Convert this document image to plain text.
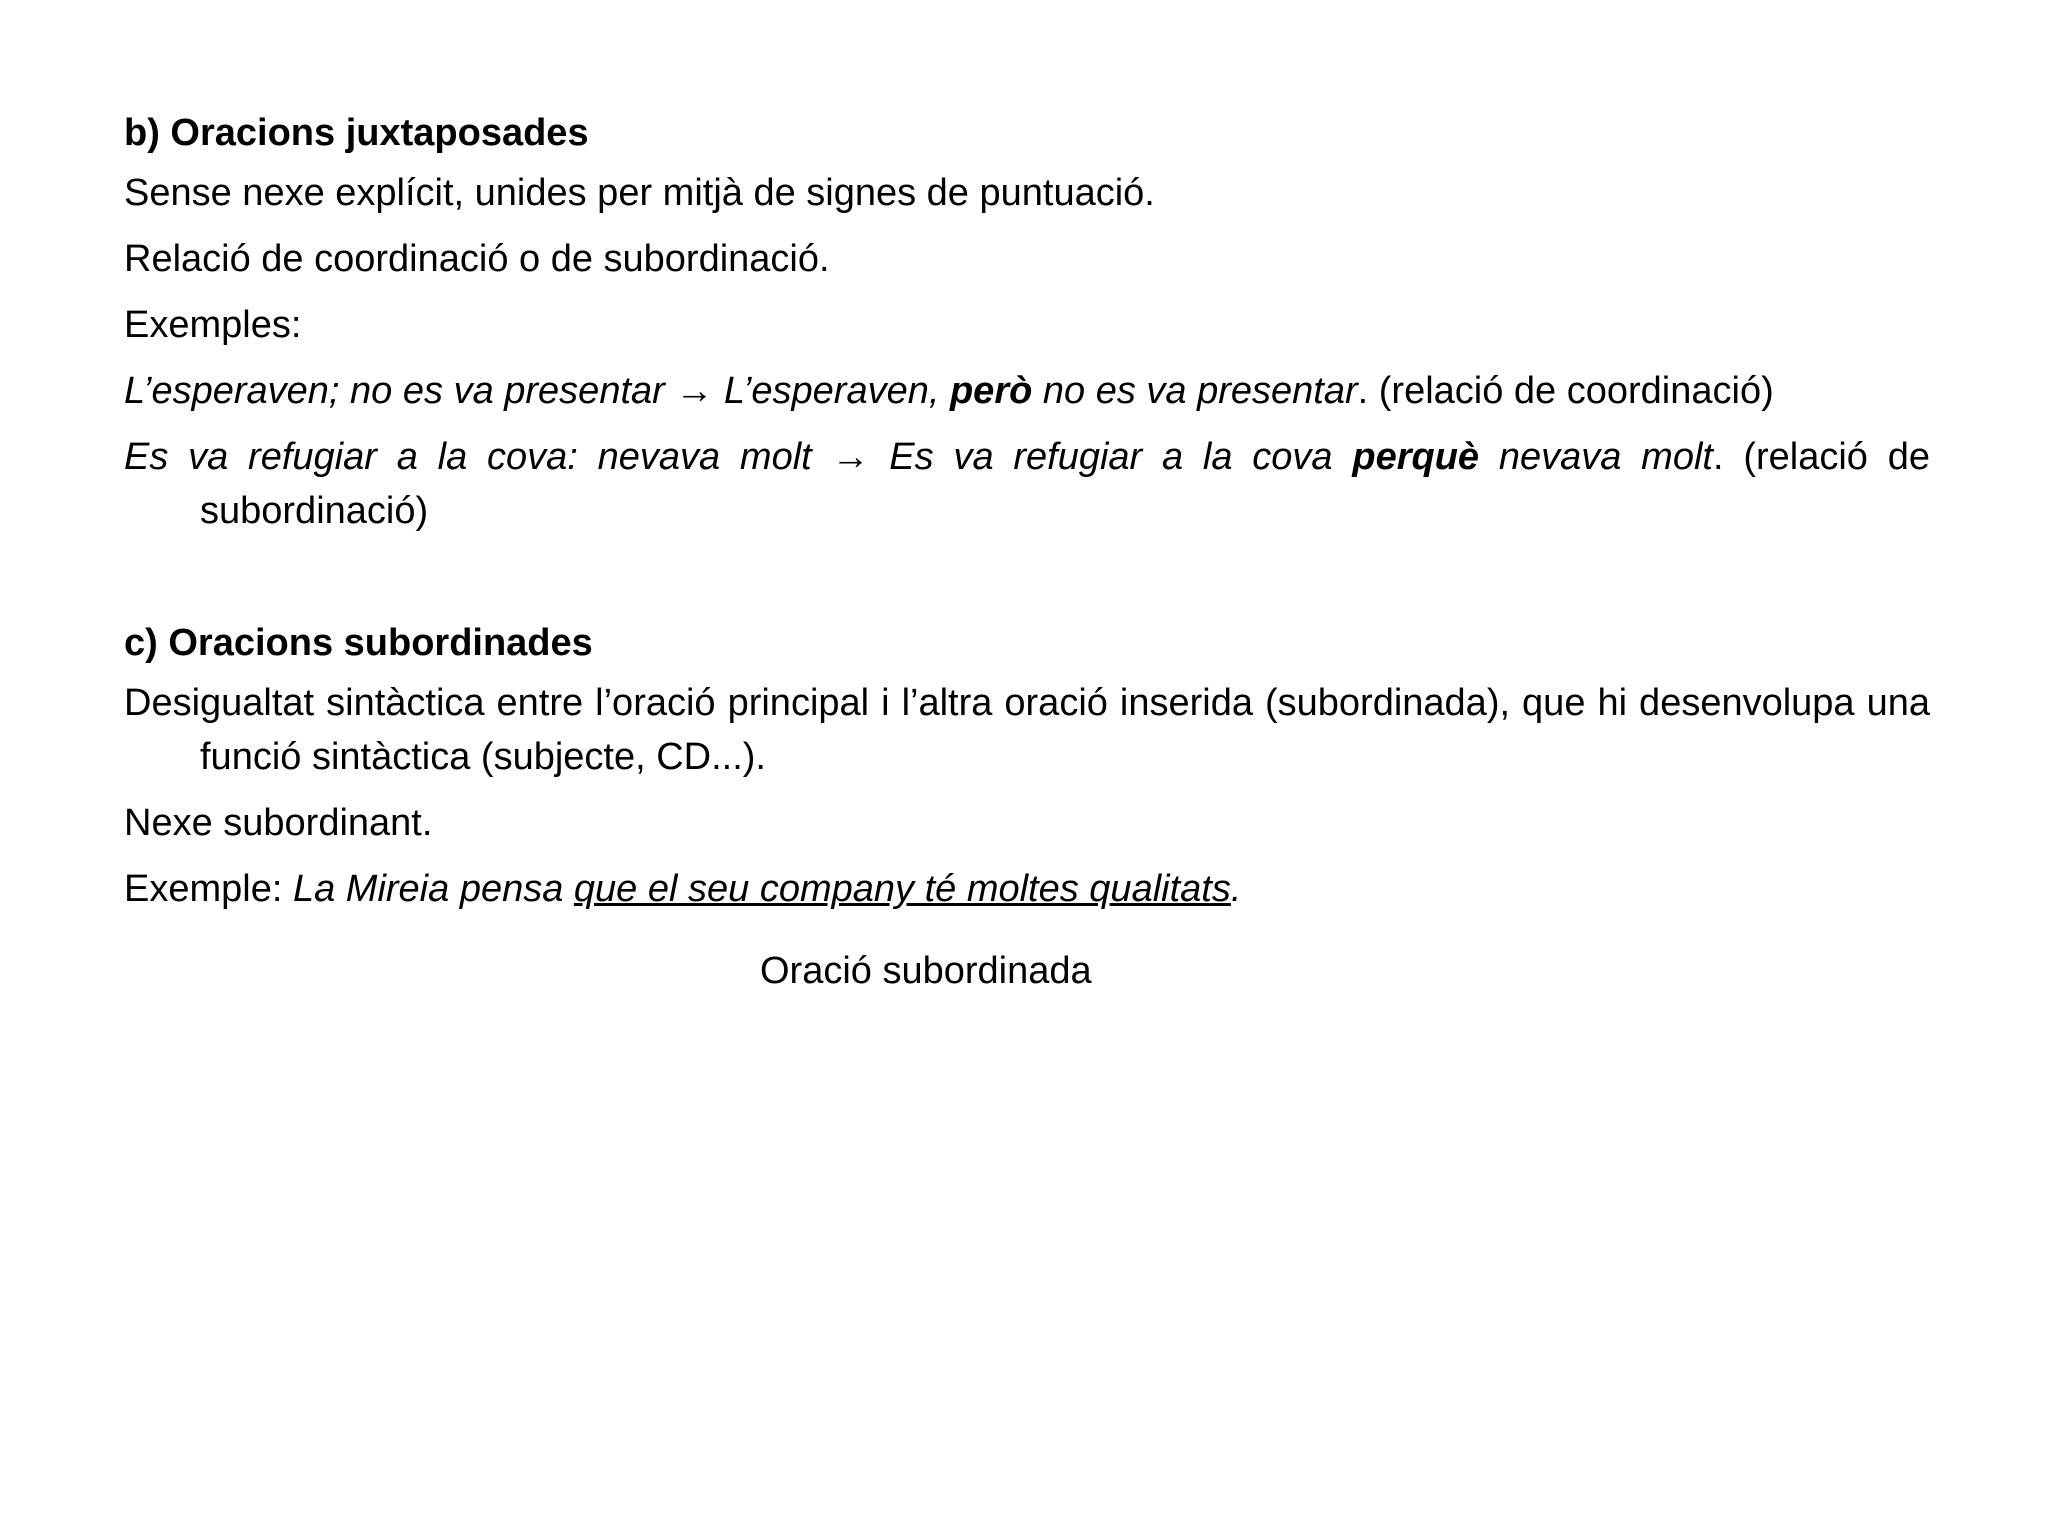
b) Oracions juxtaposades

Sense nexe explícit, unides per mitjà de signes de puntuació.

Relació de coordinació o de subordinació.

Exemples:

L’esperaven; no es va presentar → L’esperaven, però no es va presentar. (relació de coordinació)

Es va refugiar a la cova: nevava molt → Es va refugiar a la cova perquè nevava molt. (relació de subordinació)

c) Oracions subordinades

Desigualtat sintàctica entre l’oració principal i l’altra oració inserida (subordinada), que hi desenvolupa una funció sintàctica (subjecte, CD...).

Nexe subordinant.

Exemple: La Mireia pensa que el seu company té moltes qualitats.

Oració subordinada
